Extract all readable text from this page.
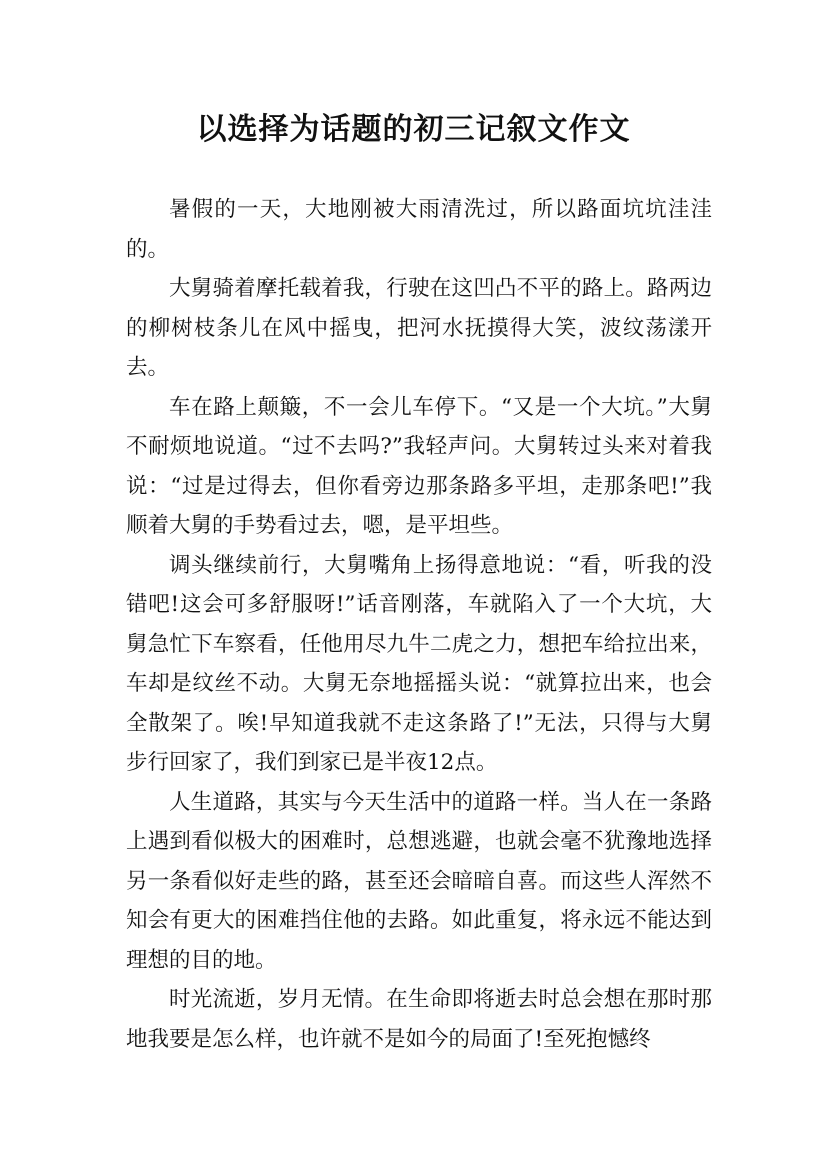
以选择为话题的初三记叙文作文

暑假的一天，大地刚被大雨清洗过，所以路面坑坑洼洼的。

大舅骑着摩托载着我，行驶在这凹凸不平的路上。路两边的柳树枝条儿在风中摇曳，把河水抚摸得大笑，波纹荡漾开去。

车在路上颠簸，不一会儿车停下。“又是一个大坑。”大舅不耐烦地说道。“过不去吗?”我轻声问。大舅转过头来对着我说：“过是过得去，但你看旁边那条路多平坦，走那条吧!”我顺着大舅的手势看过去，嗯，是平坦些。

调头继续前行，大舅嘴角上扬得意地说：“看，听我的没错吧!这会可多舒服呀!”话音刚落，车就陷入了一个大坑，大舅急忙下车察看，任他用尽九牛二虎之力，想把车给拉出来，车却是纹丝不动。大舅无奈地摇摇头说：“就算拉出来，也会全散架了。唉!早知道我就不走这条路了!”无法，只得与大舅步行回家了，我们到家已是半夜12点。

人生道路，其实与今天生活中的道路一样。当人在一条路上遇到看似极大的困难时，总想逃避，也就会毫不犹豫地选择另一条看似好走些的路，甚至还会暗暗自喜。而这些人浑然不知会有更大的困难挡住他的去路。如此重复，将永远不能达到理想的目的地。

时光流逝，岁月无情。在生命即将逝去时总会想在那时那地我要是怎么样，也许就不是如今的局面了!至死抱憾终
